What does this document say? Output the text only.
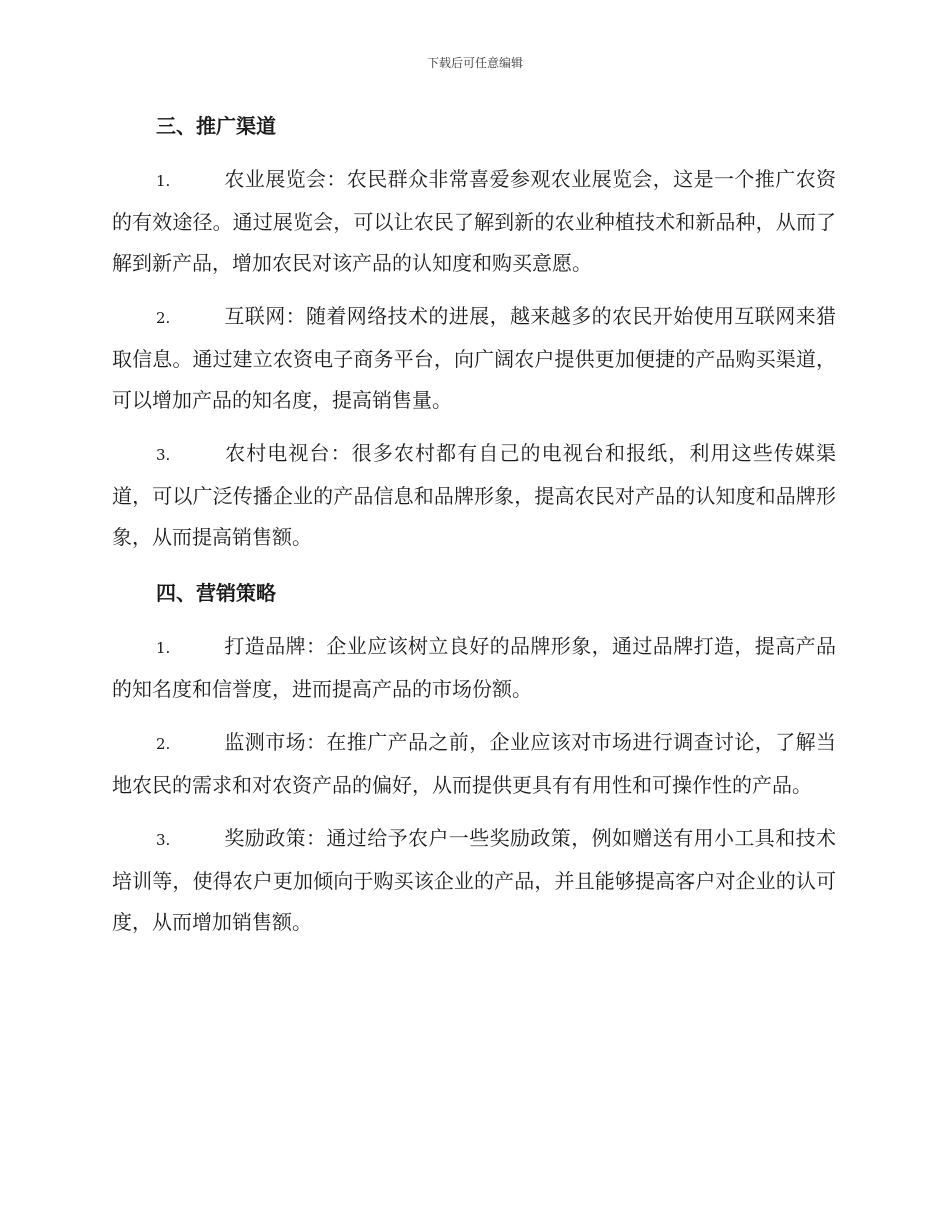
下载后可任意编辑
三、推广渠道

1.	农业展览会：农民群众非常喜爱参观农业展览会，这是一个推广农资的有效途径。通过展览会，可以让农民了解到新的农业种植技术和新品种，从而了解到新产品，增加农民对该产品的认知度和购买意愿。

2.	互联网：随着网络技术的进展，越来越多的农民开始使用互联网来猎取信息。通过建立农资电子商务平台，向广阔农户提供更加便捷的产品购买渠道，可以增加产品的知名度，提高销售量。

3.	农村电视台：很多农村都有自己的电视台和报纸，利用这些传媒渠道，可以广泛传播企业的产品信息和品牌形象，提高农民对产品的认知度和品牌形象，从而提高销售额。

四、营销策略

1.	打造品牌：企业应该树立良好的品牌形象，通过品牌打造，提高产品的知名度和信誉度，进而提高产品的市场份额。

2.	监测市场：在推广产品之前，企业应该对市场进行调查讨论，了解当地农民的需求和对农资产品的偏好，从而提供更具有有用性和可操作性的产品。

3.	奖励政策：通过给予农户一些奖励政策，例如赠送有用小工具和技术培训等，使得农户更加倾向于购买该企业的产品，并且能够提高客户对企业的认可度，从而增加销售额。
